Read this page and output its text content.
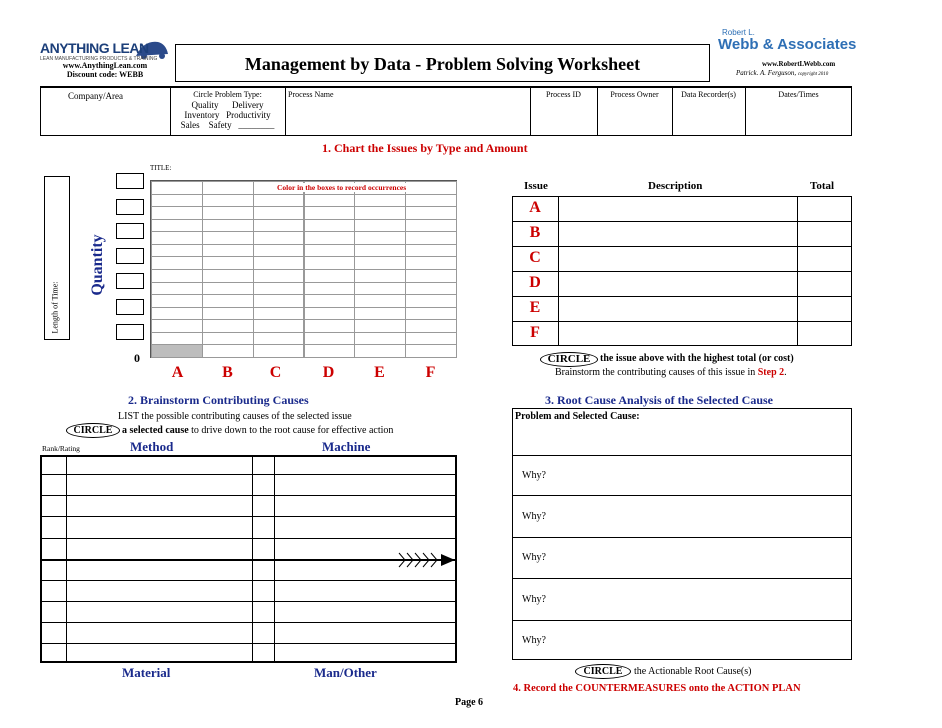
ANYTHING LEAN
LEAN MANUFACTURING PRODUCTS & TRAINING
www.AnythingLean.com
Discount code: WEBB
Management by Data - Problem Solving Worksheet
Robert L.
Webb & Associates
www.RobertLWebb.com
Patrick. A. Ferguson, copyright 2010
Company/Area	Circle Problem Type:
Quality      Delivery
Inventory   Productivity
Sales    Safety   ________
Process Name	Process ID	Process Owner	Data Recorder(s)	Dates/Times
1. Chart the Issues by Type and Amount
TITLE:
Length of Time:
Quantity
0
Color in the boxes to record occurrences
A	B	C	D	E	F
Issue	Description	Total
A
B
C
D
E
F
CIRCLE the issue above with the highest total (or cost)
Brainstorm the contributing causes of this issue in Step 2.
2. Brainstorm Contributing Causes
LIST the possible contributing causes of the selected issue
CIRCLE a selected cause to drive down to the root cause for effective action
Rank/Rating	Method	Machine
Material	Man/Other
3. Root Cause Analysis of the Selected Cause
Problem and Selected Cause:
Why?
Why?
Why?
Why?
Why?
CIRCLE	the Actionable Root Cause(s)
4. Record the COUNTERMEASURES onto the ACTION PLAN
Page 6
